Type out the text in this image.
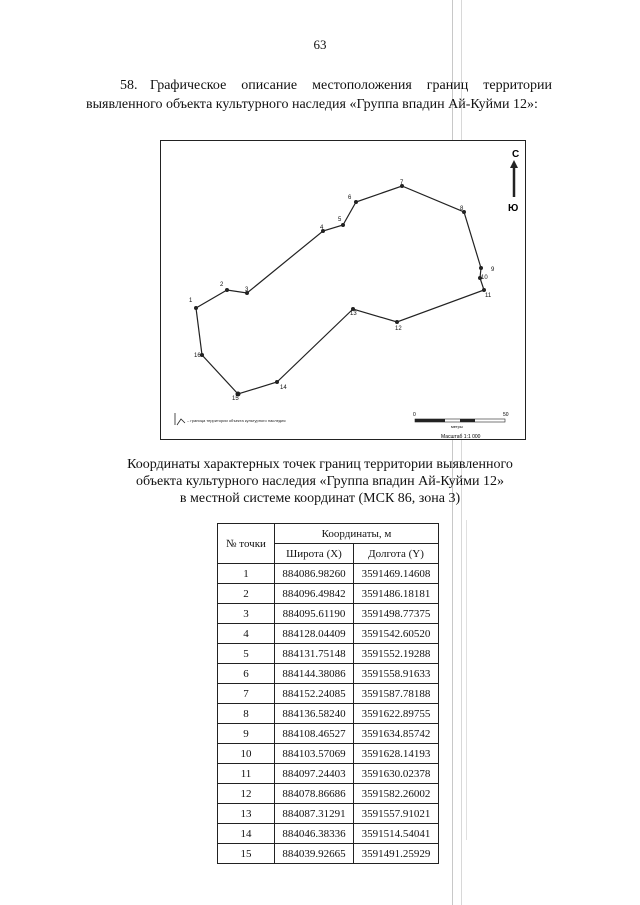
63
58. Графическое описание местоположения границ территории выявленного объекта культурного наследия «Группа впадин Ай-Куйми 12»:
1
2
3
4
5
6
7
8
9
10
11
12
13
14
15
16
С
Ю
– граница территории объекта культурного наследия
0	50
метры
Масштаб 1:1 000
Координаты характерных точек границ территории выявленного
объекта культурного наследия «Группа впадин Ай-Куйми 12»
в местной системе координат (МСК 86, зона 3)
№ точки	Координаты, м	
	Широта (X)	Долгота (Y)
1	884086.98260	3591469.14608
2	884096.49842	3591486.18181
3	884095.61190	3591498.77375
4	884128.04409	3591542.60520
5	884131.75148	3591552.19288
6	884144.38086	3591558.91633
7	884152.24085	3591587.78188
8	884136.58240	3591622.89755
9	884108.46527	3591634.85742
10	884103.57069	3591628.14193
11	884097.24403	3591630.02378
12	884078.86686	3591582.26002
13	884087.31291	3591557.91021
14	884046.38336	3591514.54041
15	884039.92665	3591491.25929
